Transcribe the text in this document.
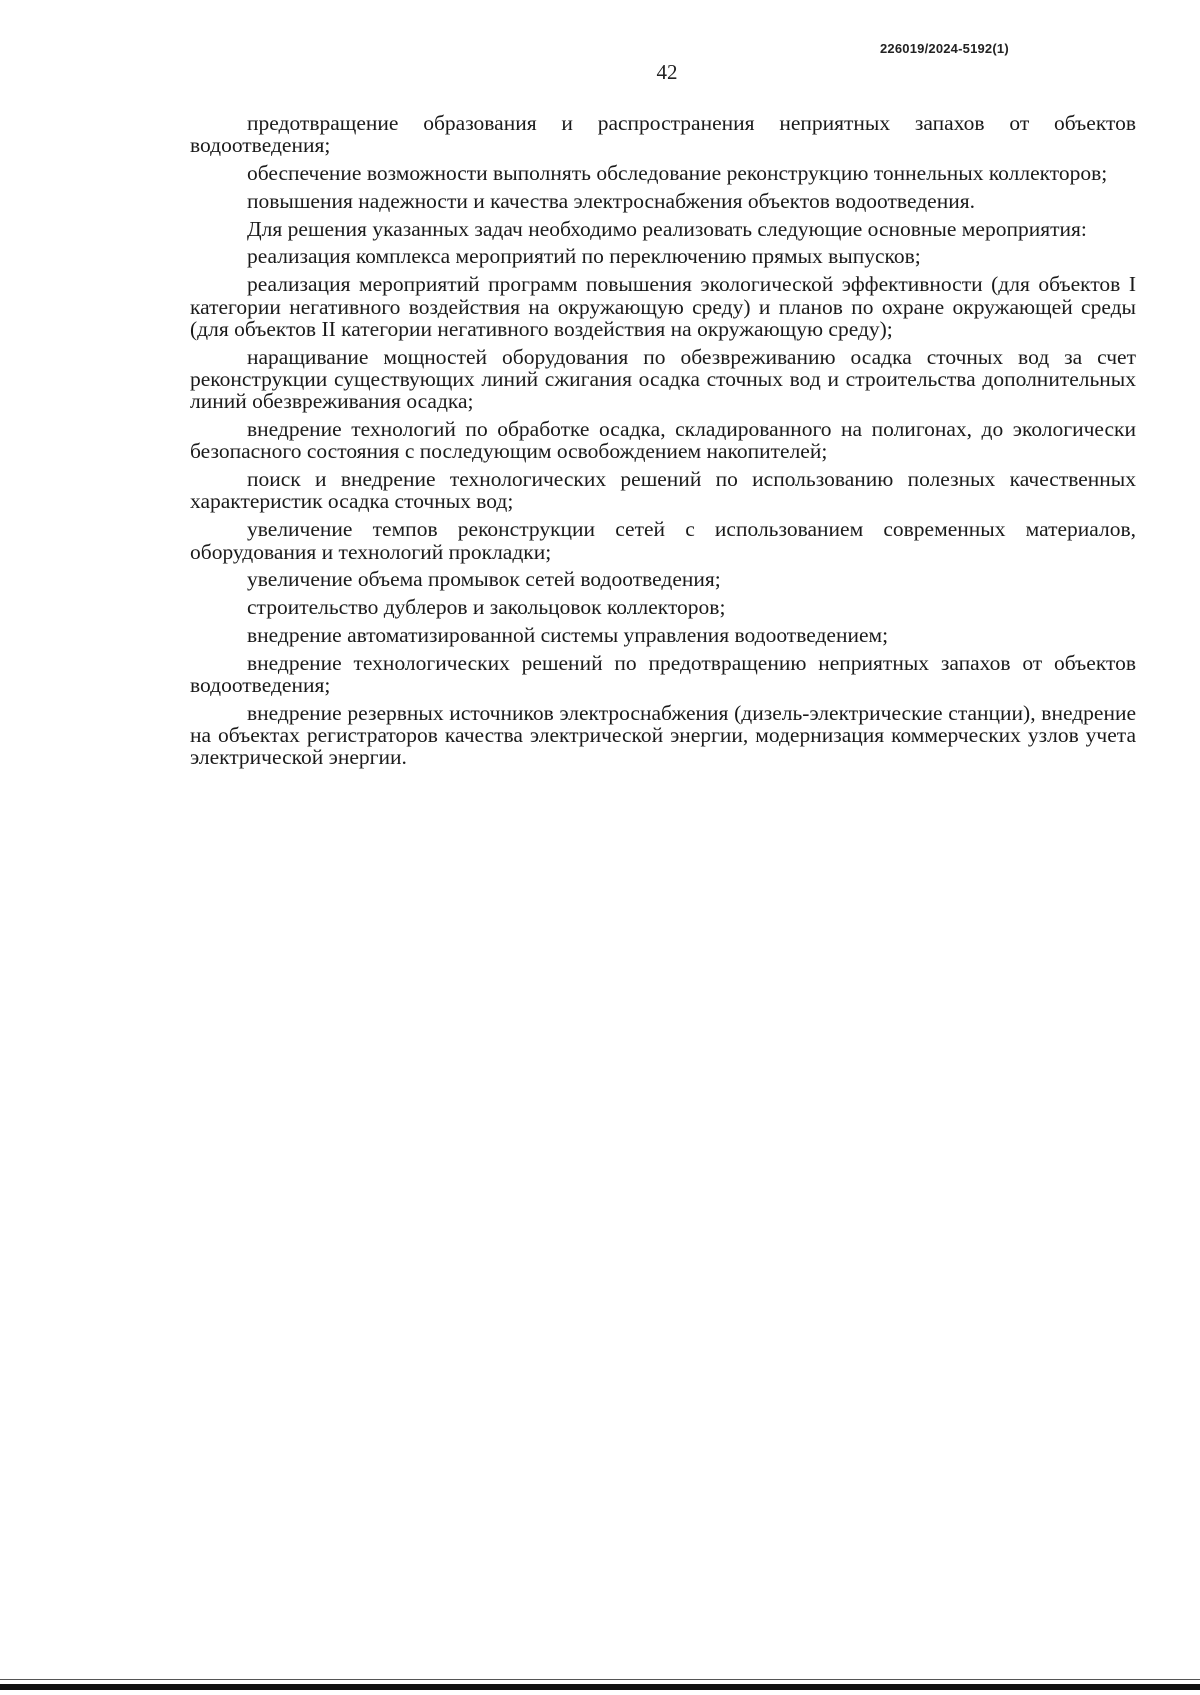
226019/2024-5192(1)
42

предотвращение образования и распространения неприятных запахов от объектов водоотведения;

обеспечение возможности выполнять обследование реконструкцию тоннельных коллекторов;

повышения надежности и качества электроснабжения объектов водоотведения.

Для решения указанных задач необходимо реализовать следующие основные мероприятия:

реализация комплекса мероприятий по переключению прямых выпусков;

реализация мероприятий программ повышения экологической эффективности (для объектов I категории негативного воздействия на окружающую среду) и планов по охране окружающей среды (для объектов II категории негативного воздействия на окружающую среду);

наращивание мощностей оборудования по обезвреживанию осадка сточных вод за счет реконструкции существующих линий сжигания осадка сточных вод и строительства дополнительных линий обезвреживания осадка;

внедрение технологий по обработке осадка, складированного на полигонах, до экологически безопасного состояния с последующим освобождением накопителей;

поиск и внедрение технологических решений по использованию полезных качественных характеристик осадка сточных вод;

увеличение темпов реконструкции сетей с использованием современных материалов, оборудования и технологий прокладки;

увеличение объема промывок сетей водоотведения;

строительство дублеров и закольцовок коллекторов;

внедрение автоматизированной системы управления водоотведением;

внедрение технологических решений по предотвращению неприятных запахов от объектов водоотведения;

внедрение резервных источников электроснабжения (дизель-электрические станции), внедрение на объектах регистраторов качества электрической энергии, модернизация коммерческих узлов учета электрической энергии.
